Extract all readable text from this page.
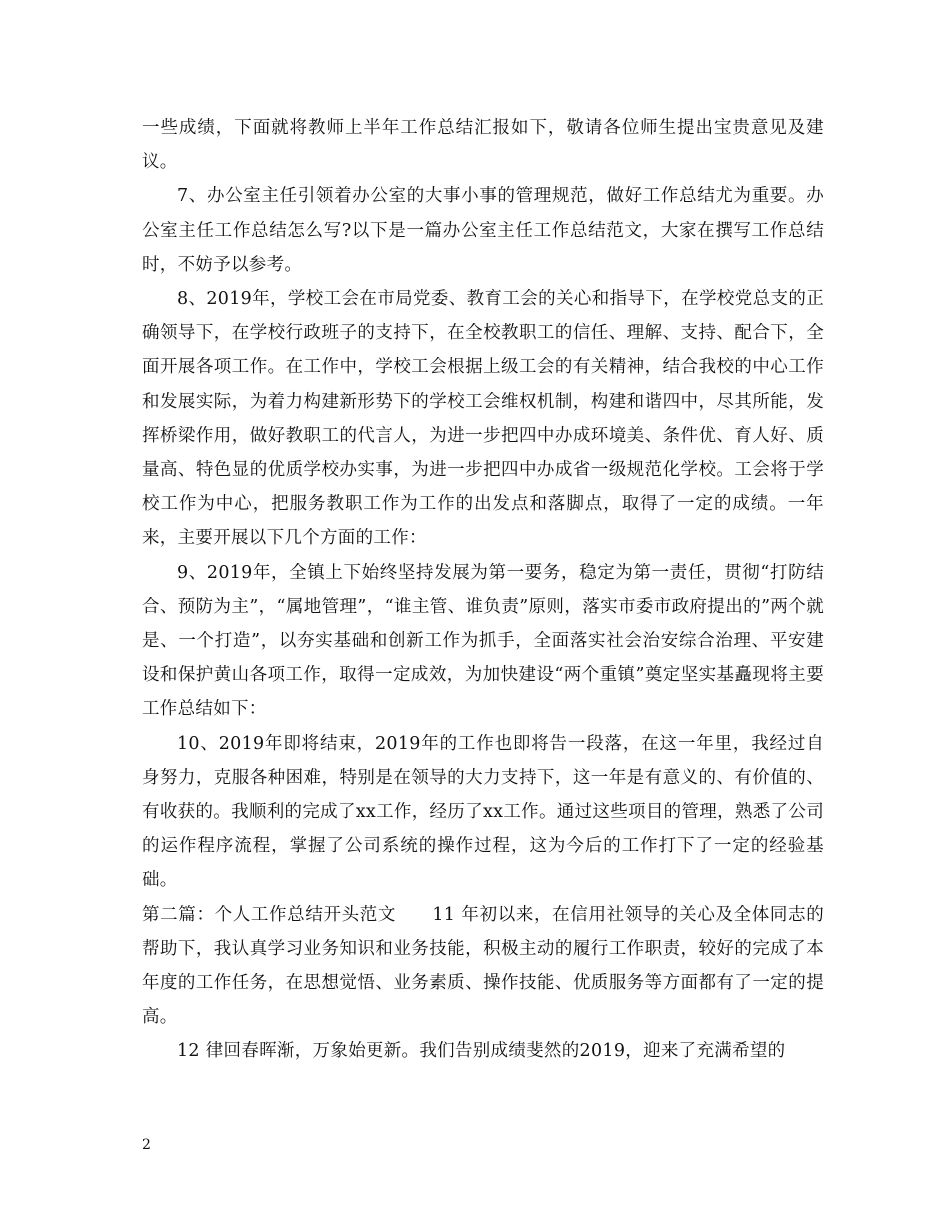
一些成绩，下面就将教师上半年工作总结汇报如下，敬请各位师生提出宝贵意见及建议。

7、办公室主任引领着办公室的大事小事的管理规范，做好工作总结尤为重要。办公室主任工作总结怎么写?以下是一篇办公室主任工作总结范文，大家在撰写工作总结时，不妨予以参考。

8、2019年，学校工会在市局党委、教育工会的关心和指导下，在学校党总支的正确领导下，在学校行政班子的支持下，在全校教职工的信任、理解、支持、配合下，全面开展各项工作。在工作中，学校工会根据上级工会的有关精神，结合我校的中心工作和发展实际，为着力构建新形势下的学校工会维权机制，构建和谐四中，尽其所能，发挥桥梁作用，做好教职工的代言人，为进一步把四中办成环境美、条件优、育人好、质量高、特色显的优质学校办实事，为进一步把四中办成省一级规范化学校。工会将于学校工作为中心，把服务教职工作为工作的出发点和落脚点，取得了一定的成绩。一年来，主要开展以下几个方面的工作：

9、2019年，全镇上下始终坚持发展为第一要务，稳定为第一责任，贯彻“打防结合、预防为主”，“属地管理”，“谁主管、谁负责”原则，落实市委市政府提出的”两个就是、一个打造”，以夯实基础和创新工作为抓手，全面落实社会治安综合治理、平安建设和保护黄山各项工作，取得一定成效，为加快建设“两个重镇”奠定坚实基矗现将主要工作总结如下：

10、2019年即将结束，2019年的工作也即将告一段落，在这一年里，我经过自身努力，克服各种困难，特别是在领导的大力支持下，这一年是有意义的、有价值的、有收获的。我顺利的完成了xx工作，经历了xx工作。通过这些项目的管理，熟悉了公司的运作程序流程，掌握了公司系统的操作过程，这为今后的工作打下了一定的经验基础。

第二篇：个人工作总结开头范文　　11 年初以来，在信用社领导的关心及全体同志的帮助下，我认真学习业务知识和业务技能，积极主动的履行工作职责，较好的完成了本年度的工作任务，在思想觉悟、业务素质、操作技能、优质服务等方面都有了一定的提高。

12 律回春晖渐，万象始更新。我们告别成绩斐然的2019，迎来了充满希望的

2
